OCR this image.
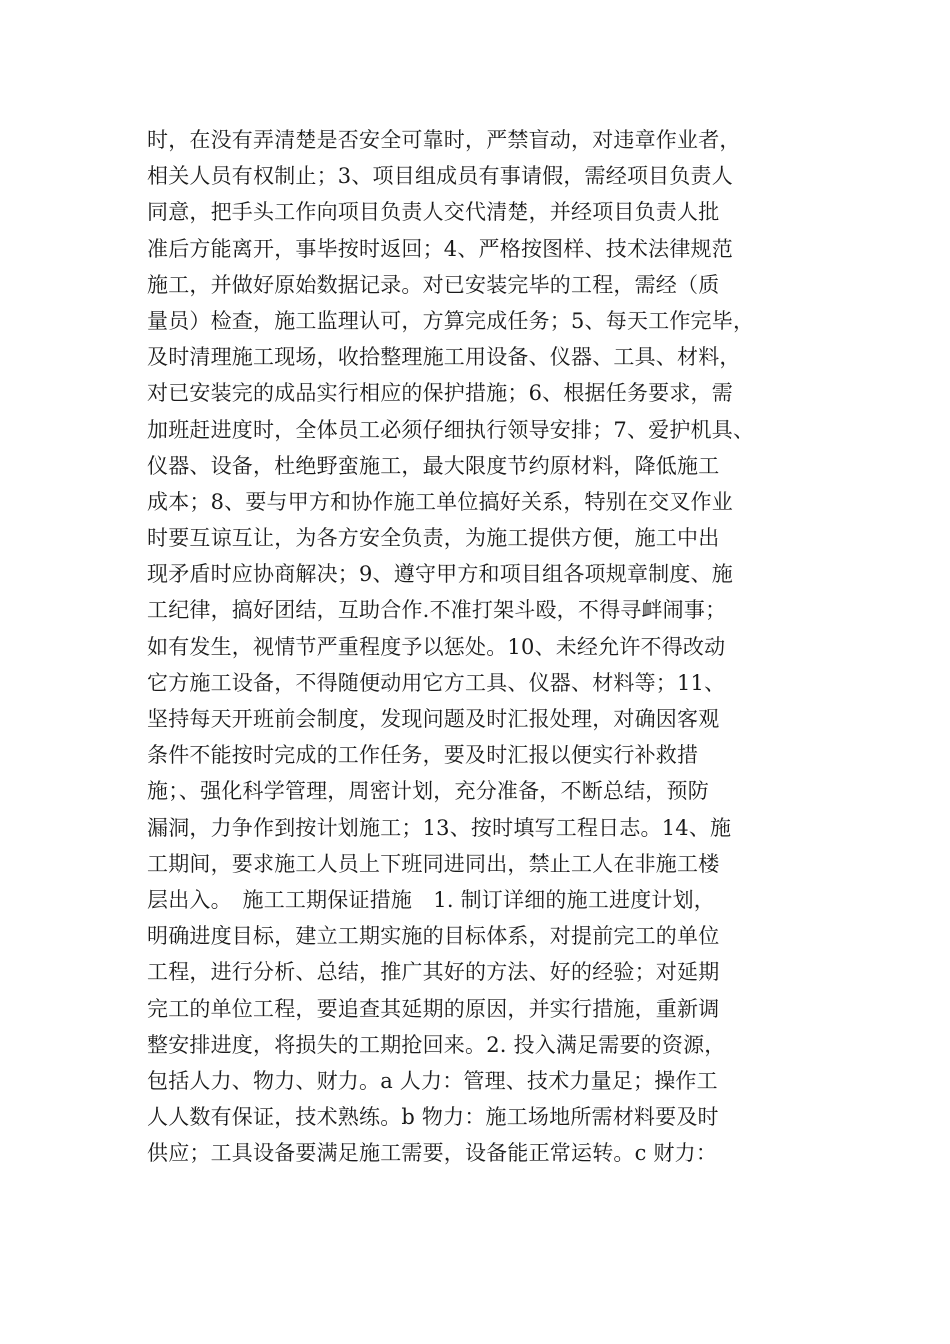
时，在没有弄清楚是否安全可靠时，严禁盲动，对违章作业者，
相关人员有权制止；3、项目组成员有事请假，需经项目负责人
同意，把手头工作向项目负责人交代清楚，并经项目负责人批
准后方能离开，事毕按时返回；4、严格按图样、技术法律规范
施工，并做好原始数据记录。对已安装完毕的工程，需经（质
量员）检查，施工监理认可，方算完成任务；5、每天工作完毕，
及时清理施工现场，收拾整理施工用设备、仪器、工具、材料，
对已安装完的成品实行相应的保护措施；6、根据任务要求，需
加班赶进度时，全体员工必须仔细执行领导安排；7、爱护机具、
仪器、设备，杜绝野蛮施工，最大限度节约原材料，降低施工
成本；8、要与甲方和协作施工单位搞好关系，特别在交叉作业
时要互谅互让，为各方安全负责，为施工提供方便，施工中出
现矛盾时应协商解决；9、遵守甲方和项目组各项规章制度、施
工纪律，搞好团结，互助合作.不准打架斗殴，不得寻衅闹事；
如有发生，视情节严重程度予以惩处。10、未经允许不得改动
它方施工设备，不得随便动用它方工具、仪器、材料等；11、
坚持每天开班前会制度，发现问题及时汇报处理，对确因客观
条件不能按时完成的工作任务，要及时汇报以便实行补救措
施；、强化科学管理，周密计划，充分准备，不断总结，预防
漏洞，力争作到按计划施工；13、按时填写工程日志。14、施
工期间，要求施工人员上下班同进同出，禁止工人在非施工楼
层出入。　施工工期保证措施　1. 制订详细的施工进度计划，
明确进度目标，建立工期实施的目标体系，对提前完工的单位
工程，进行分析、总结，推广其好的方法、好的经验；对延期
完工的单位工程，要追查其延期的原因，并实行措施，重新调
整安排进度，将损失的工期抢回来。2. 投入满足需要的资源，
包括人力、物力、财力。a 人力：管理、技术力量足；操作工
人人数有保证，技术熟练。b 物力：施工场地所需材料要及时
供应；工具设备要满足施工需要，设备能正常运转。c 财力：
